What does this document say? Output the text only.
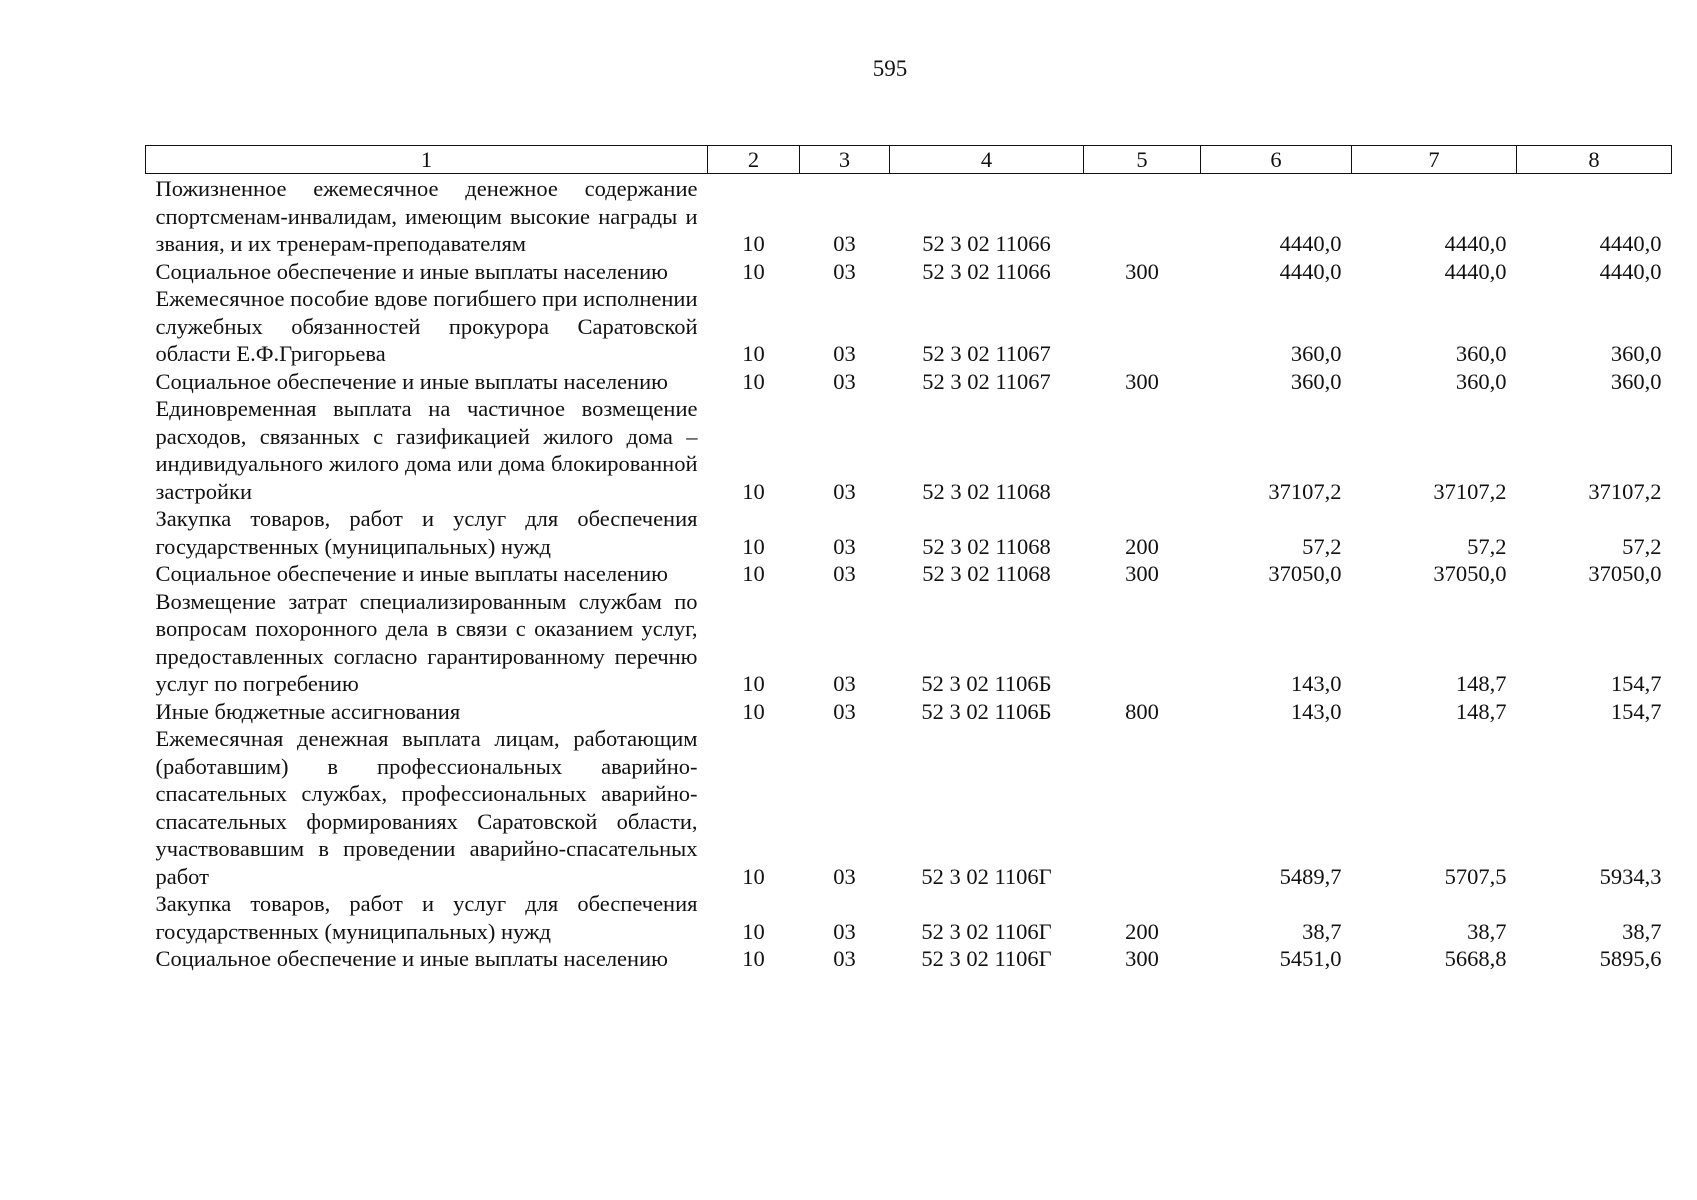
595
1	2	3	4	5	6	7	8
Пожизненное ежемесячное денежное содержание спортсменам-инвалидам, имеющим высокие награды и звания, и их тренерам-преподавателям	10	03	52 3 02 11066		4440,0	4440,0	4440,0
Социальное обеспечение и иные выплаты населению	10	03	52 3 02 11066	300	4440,0	4440,0	4440,0
Ежемесячное пособие вдове погибшего при исполнении служебных обязанностей прокурора Саратовской области Е.Ф.Григорьева	10	03	52 3 02 11067		360,0	360,0	360,0
Социальное обеспечение и иные выплаты населению	10	03	52 3 02 11067	300	360,0	360,0	360,0
Единовременная выплата на частичное возмещение расходов, связанных с газификацией жилого дома – индивидуального жилого дома или дома блокированной застройки	10	03	52 3 02 11068		37107,2	37107,2	37107,2
Закупка товаров, работ и услуг для обеспечения государственных (муниципальных) нужд	10	03	52 3 02 11068	200	57,2	57,2	57,2
Социальное обеспечение и иные выплаты населению	10	03	52 3 02 11068	300	37050,0	37050,0	37050,0
Возмещение затрат специализированным службам по вопросам похоронного дела в связи с оказанием услуг, предоставленных согласно гарантированному перечню услуг по погребению	10	03	52 3 02 1106Б		143,0	148,7	154,7
Иные бюджетные ассигнования	10	03	52 3 02 1106Б	800	143,0	148,7	154,7
Ежемесячная денежная выплата лицам, работающим (работавшим) в профессиональных аварийно-спасательных службах, профессиональных аварийно-спасательных формированиях Саратовской области, участвовавшим в проведении аварийно-спасательных работ	10	03	52 3 02 1106Г		5489,7	5707,5	5934,3
Закупка товаров, работ и услуг для обеспечения государственных (муниципальных) нужд	10	03	52 3 02 1106Г	200	38,7	38,7	38,7
Социальное обеспечение и иные выплаты населению	10	03	52 3 02 1106Г	300	5451,0	5668,8	5895,6
